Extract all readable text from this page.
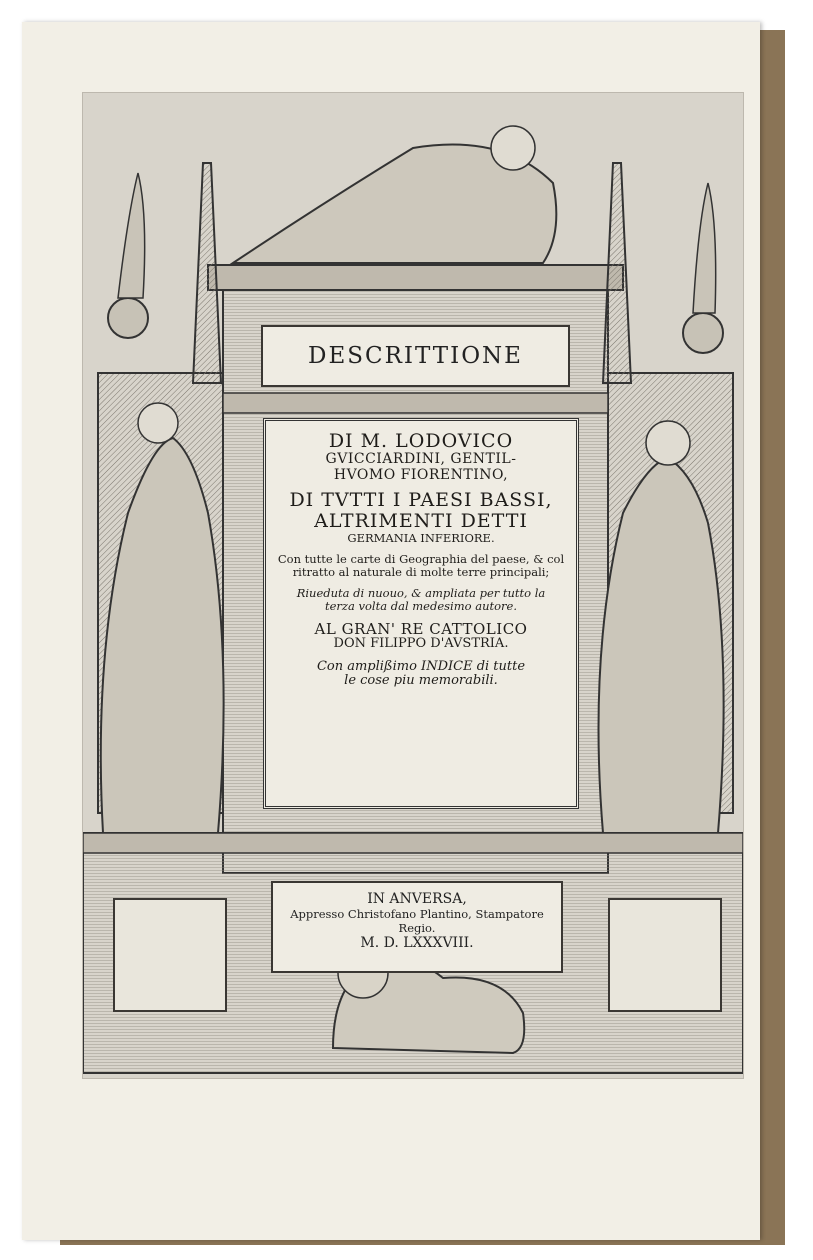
DESCRITTIONE
DI M. LODOVICO
GVICCIARDINI, GENTIL-
HVOMO FIORENTINO,
DI TVTTI I PAESI BASSI,
ALTRIMENTI DETTI
GERMANIA INFERIORE.
Con tutte le carte di Geographia del paese, & col
ritratto al naturale di molte terre principali;
Riueduta di nuouo, & ampliata per tutto la
terza volta dal medesimo autore.
AL GRAN' RE CATTOLICO
DON FILIPPO D'AVSTRIA.
Con amplißimo INDICE di tutte
le cose piu memorabili.
IN ANVERSA,
Appresso Christofano Plantino, Stampatore Regio.
M. D. LXXXVIII.
